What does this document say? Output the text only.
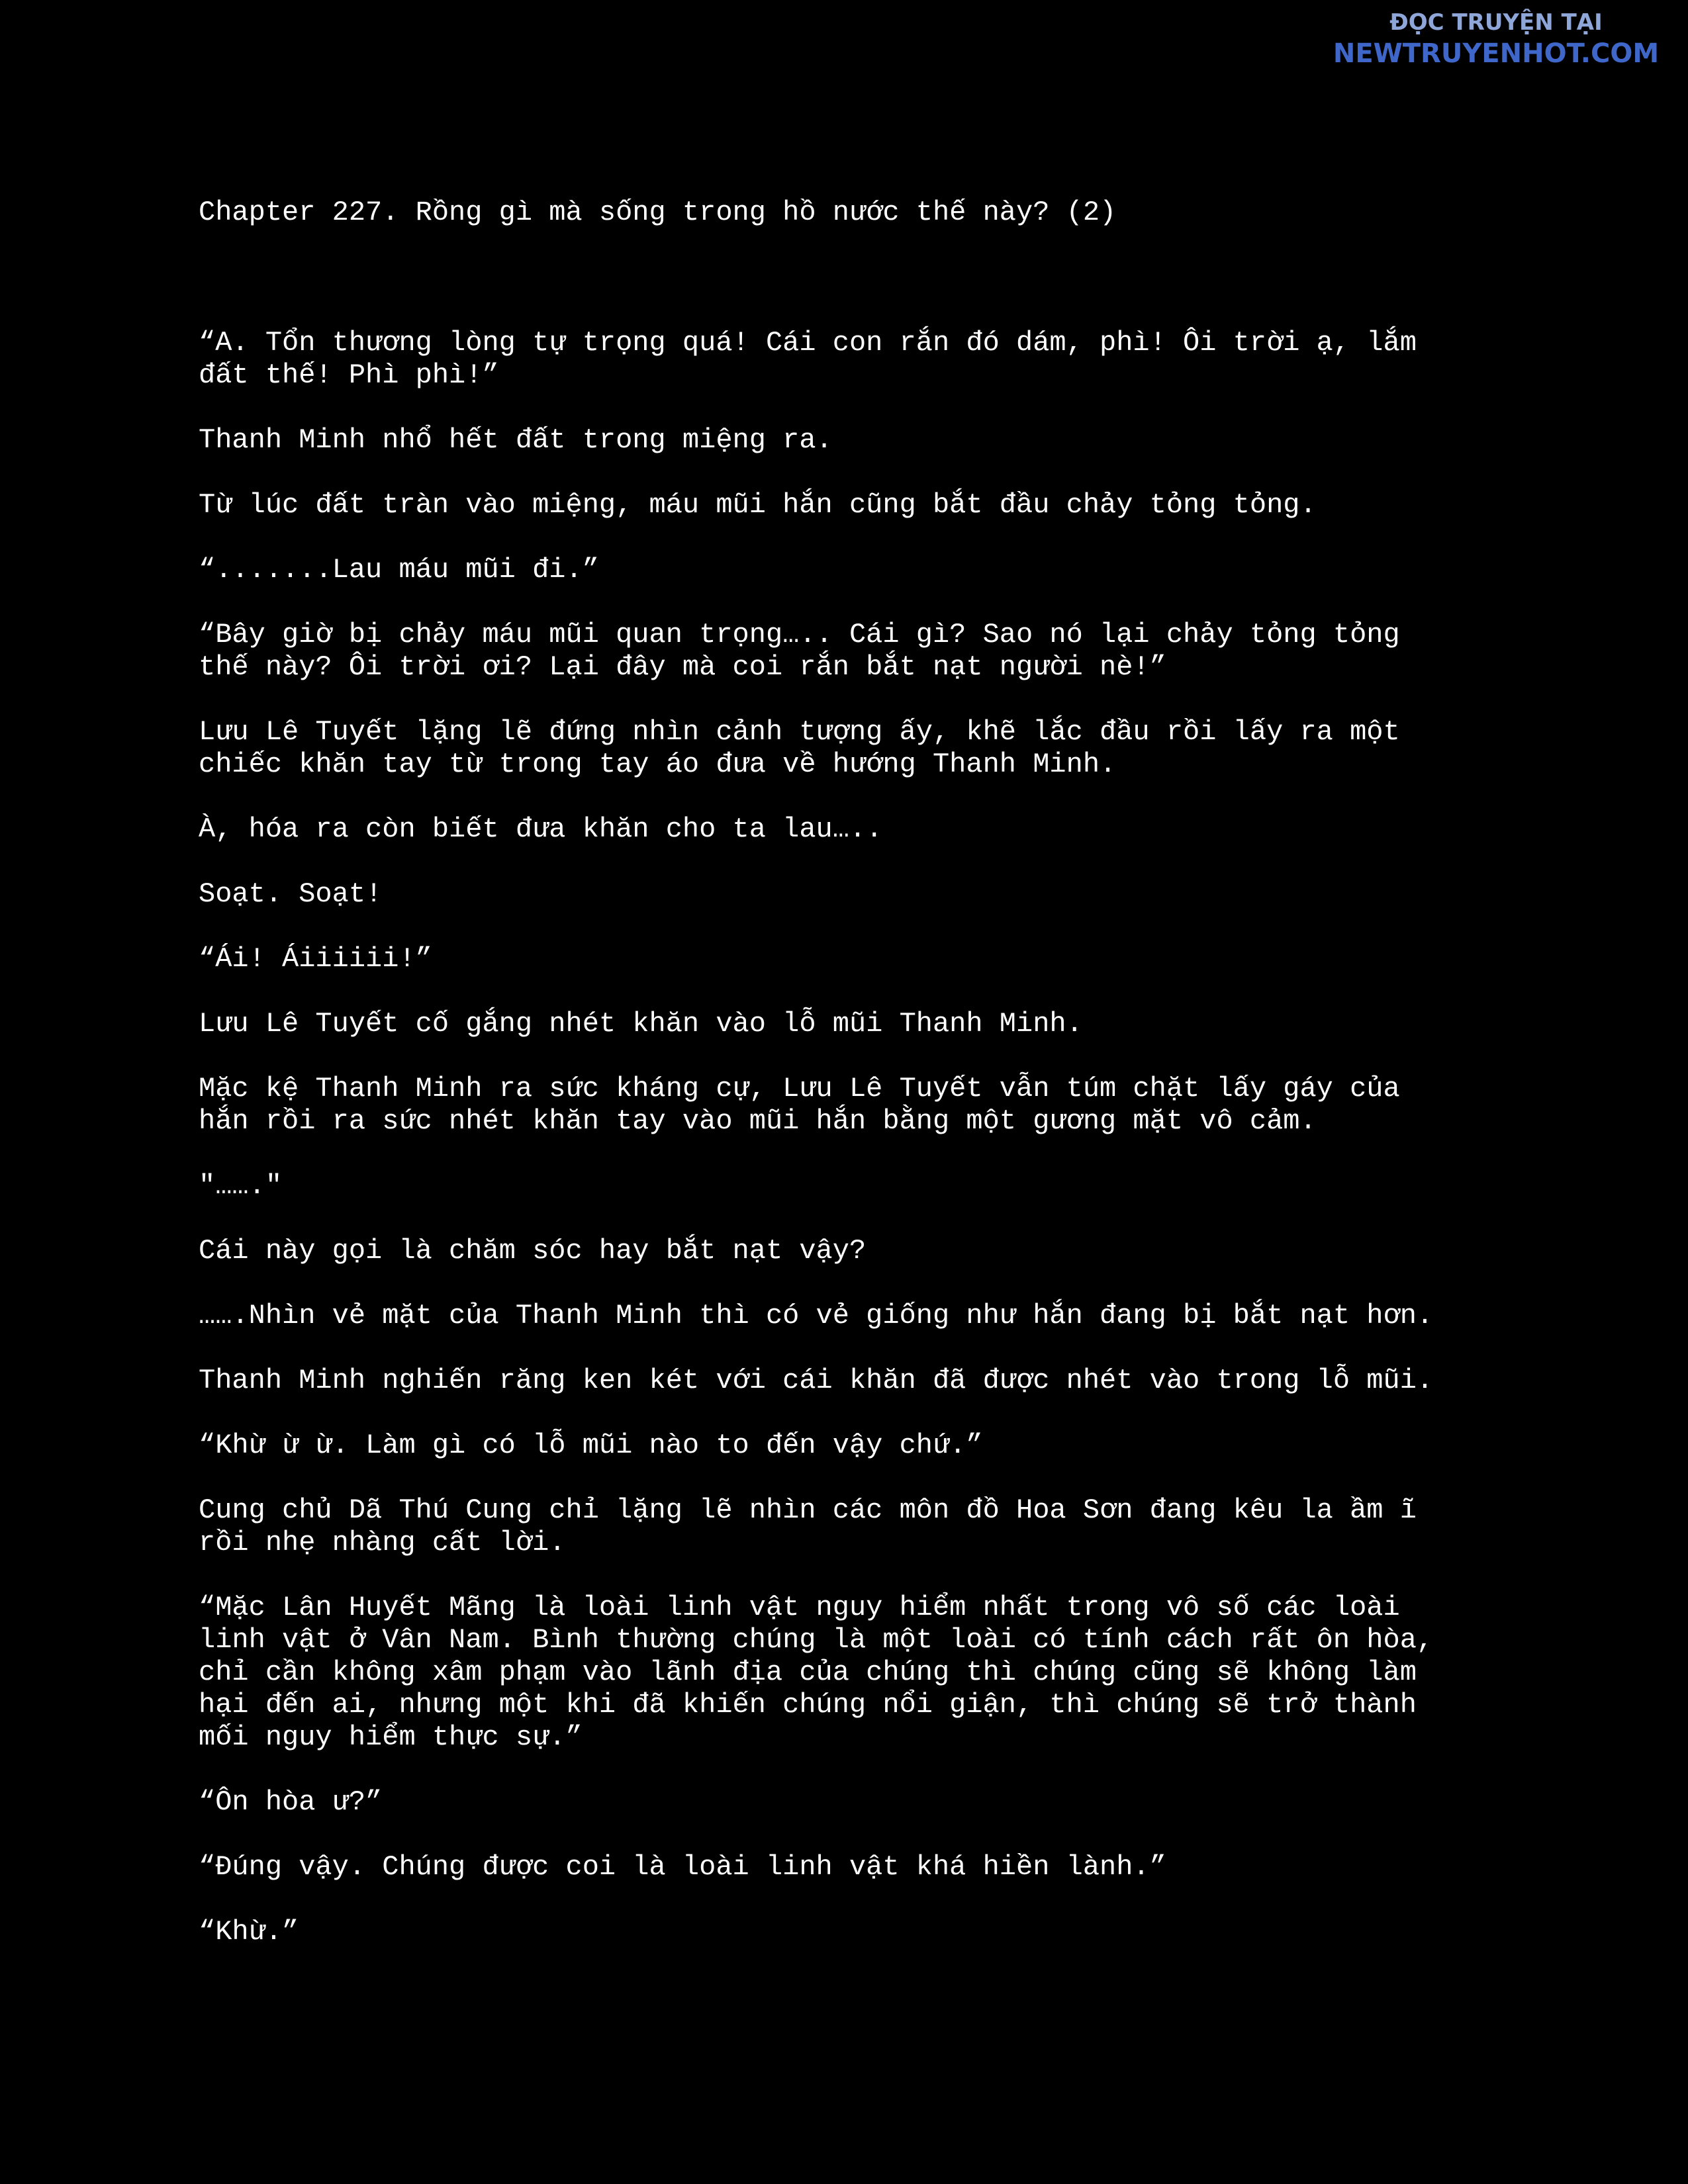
ĐỌC TRUYỆN TẠI
NEWTRUYENHOT.COM
Chapter 227. Rồng gì mà sống trong hồ nước thế này? (2)

“A. Tổn thương lòng tự trọng quá! Cái con rắn đó dám, phì! Ôi trời ạ, lắm
đất thế! Phì phì!”

Thanh Minh nhổ hết đất trong miệng ra.

Từ lúc đất tràn vào miệng, máu mũi hắn cũng bắt đầu chảy tỏng tỏng.

“.......Lau máu mũi đi.”

“Bây giờ bị chảy máu mũi quan trọng….. Cái gì? Sao nó lại chảy tỏng tỏng
thế này? Ôi trời ơi? Lại đây mà coi rắn bắt nạt người nè!”

Lưu Lê Tuyết lặng lẽ đứng nhìn cảnh tượng ấy, khẽ lắc đầu rồi lấy ra một
chiếc khăn tay từ trong tay áo đưa về hướng Thanh Minh.

À, hóa ra còn biết đưa khăn cho ta lau…..

Soạt. Soạt!

“Ái! Áiiiiii!”

Lưu Lê Tuyết cố gắng nhét khăn vào lỗ mũi Thanh Minh.

Mặc kệ Thanh Minh ra sức kháng cự, Lưu Lê Tuyết vẫn túm chặt lấy gáy của
hắn rồi ra sức nhét khăn tay vào mũi hắn bằng một gương mặt vô cảm.

"……."

Cái này gọi là chăm sóc hay bắt nạt vậy?

…….Nhìn vẻ mặt của Thanh Minh thì có vẻ giống như hắn đang bị bắt nạt hơn.

Thanh Minh nghiến răng ken két với cái khăn đã được nhét vào trong lỗ mũi.

“Khừ ừ ừ. Làm gì có lỗ mũi nào to đến vậy chứ.”

Cung chủ Dã Thú Cung chỉ lặng lẽ nhìn các môn đồ Hoa Sơn đang kêu la ầm ĩ
rồi nhẹ nhàng cất lời.

“Mặc Lân Huyết Mãng là loài linh vật nguy hiểm nhất trong vô số các loài
linh vật ở Vân Nam. Bình thường chúng là một loài có tính cách rất ôn hòa,
chỉ cần không xâm phạm vào lãnh địa của chúng thì chúng cũng sẽ không làm
hại đến ai, nhưng một khi đã khiến chúng nổi giận, thì chúng sẽ trở thành
mối nguy hiểm thực sự.”

“Ôn hòa ư?”

“Đúng vậy. Chúng được coi là loài linh vật khá hiền lành.”

“Khừ.”
